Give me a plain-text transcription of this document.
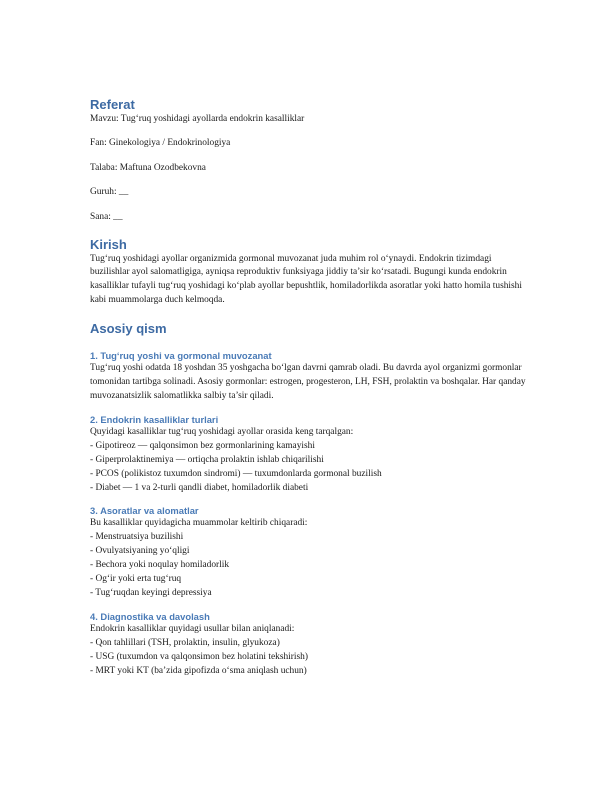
Referat

Mavzu: Tug‘ruq yoshidagi ayollarda endokrin kasalliklar

Fan: Ginekologiya / Endokrinologiya

Talaba: Maftuna Ozodbekovna

Guruh: __

Sana: __

Kirish

Tug‘ruq yoshidagi ayollar organizmida gormonal muvozanat juda muhim rol o‘ynaydi. Endokrin tizimdagi buzilishlar ayol salomatligiga, ayniqsa reproduktiv funksiyaga jiddiy ta’sir ko‘rsatadi. Bugungi kunda endokrin kasalliklar tufayli tug‘ruq yoshidagi ko‘plab ayollar bepushtlik, homiladorlikda asoratlar yoki hatto homila tushishi kabi muammolarga duch kelmoqda.

Asosiy qism
1. Tug‘ruq yoshi va gormonal muvozanat

Tug‘ruq yoshi odatda 18 yoshdan 35 yoshgacha bo‘lgan davrni qamrab oladi. Bu davrda ayol organizmi gormonlar tomonidan tartibga solinadi. Asosiy gormonlar: estrogen, progesteron, LH, FSH, prolaktin va boshqalar. Har qanday muvozanatsizlik salomatlikka salbiy ta’sir qiladi.

2. Endokrin kasalliklar turlari

Quyidagi kasalliklar tug‘ruq yoshidagi ayollar orasida keng tarqalgan:

- Gipotireoz — qalqonsimon bez gormonlarining kamayishi
- Giperprolaktinemiya — ortiqcha prolaktin ishlab chiqarilishi
- PCOS (polikistoz tuxumdon sindromi) — tuxumdonlarda gormonal buzilish
- Diabet — 1 va 2-turli qandli diabet, homiladorlik diabeti
3. Asoratlar va alomatlar

Bu kasalliklar quyidagicha muammolar keltirib chiqaradi:

- Menstruatsiya buzilishi
- Ovulyatsiyaning yo‘qligi
- Bechora yoki noqulay homiladorlik
- Og‘ir yoki erta tug‘ruq
- Tug‘ruqdan keyingi depressiya
4. Diagnostika va davolash

Endokrin kasalliklar quyidagi usullar bilan aniqlanadi:

- Qon tahlillari (TSH, prolaktin, insulin, glyukoza)
- USG (tuxumdon va qalqonsimon bez holatini tekshirish)
- MRT yoki KT (ba’zida gipofizda o‘sma aniqlash uchun)
